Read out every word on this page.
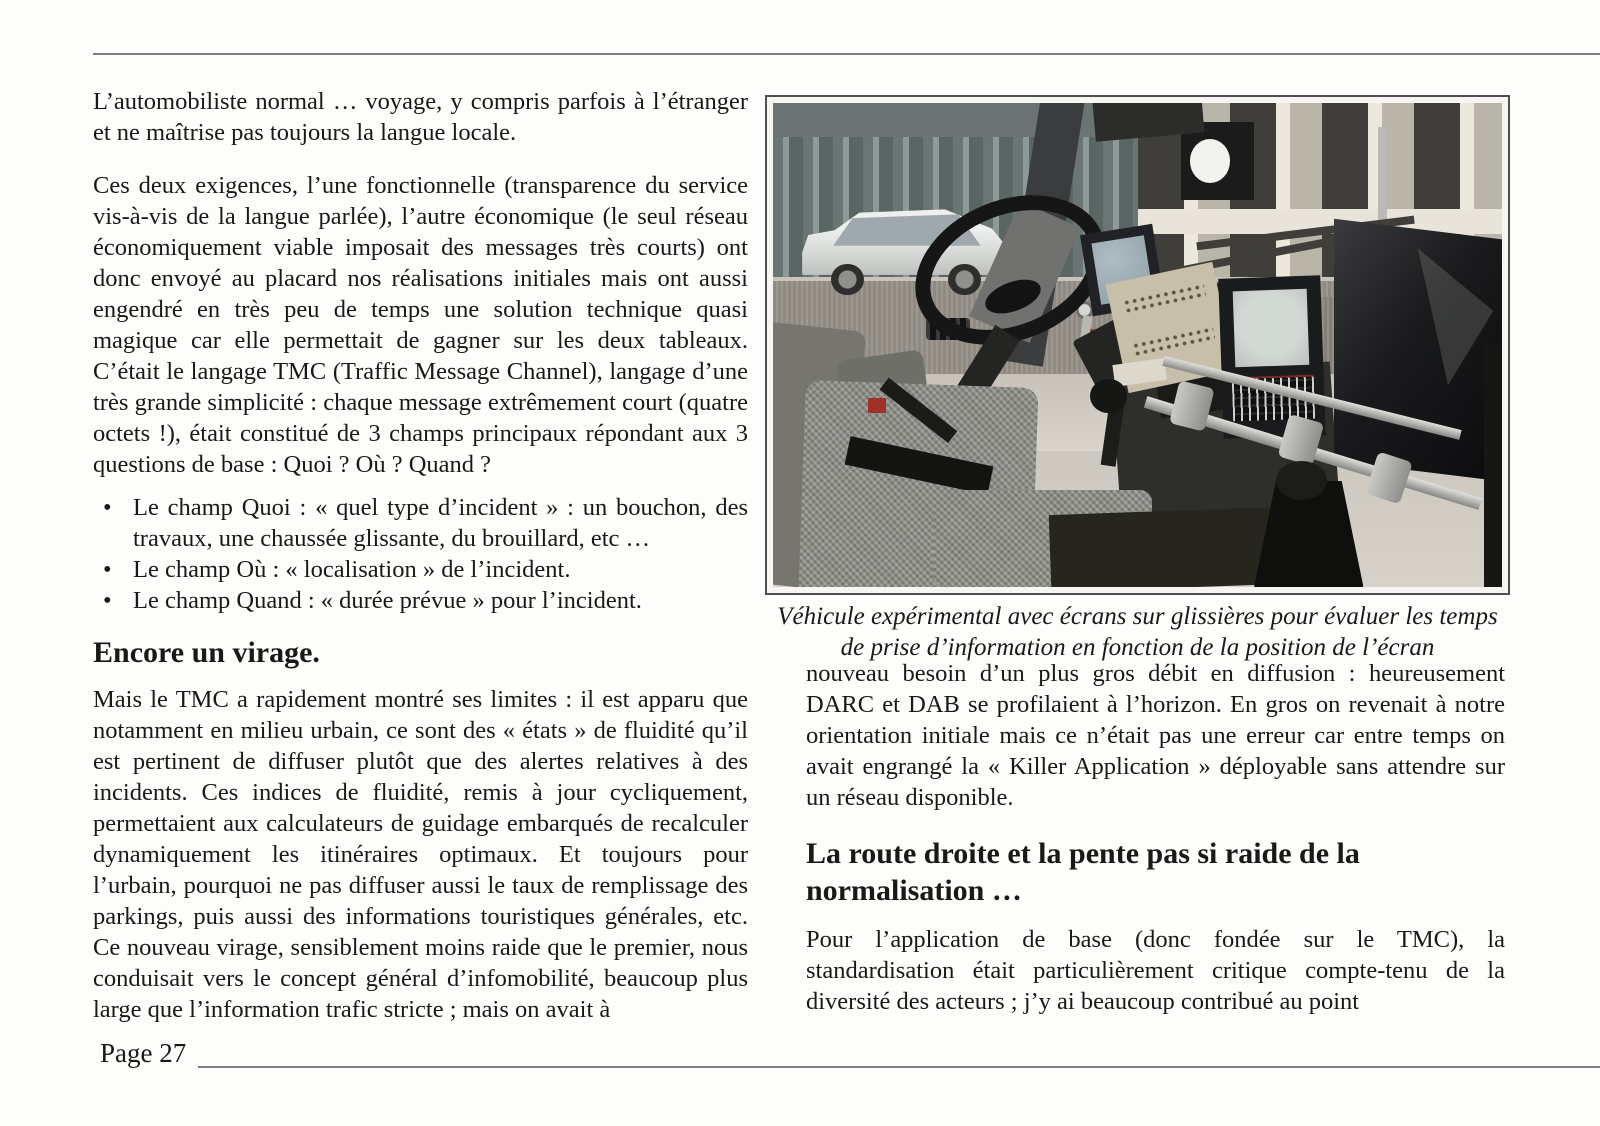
L’automobiliste normal … voyage, y compris parfois à l’étranger et ne maîtrise pas toujours la langue locale.

Ces deux exigences, l’une fonctionnelle (transparence du service vis-à-vis de la langue parlée), l’autre économique (le seul réseau économiquement viable imposait des messages très courts) ont donc envoyé au placard nos réalisations initiales mais ont aussi engendré en très peu de temps une solution technique quasi magique car elle permettait de gagner sur les deux tableaux. C’était le langage TMC (Traffic Message Channel), langage d’une très grande simplicité : chaque message extrêmement court (quatre octets !), était constitué de 3 champs principaux répondant aux 3 questions de base : Quoi ? Où ? Quand ?

• Le champ Quoi : « quel type d’incident » : un bouchon, des travaux, une chaussée glissante, du brouillard, etc …
• Le champ Où : « localisation » de l’incident.
• Le champ Quand : « durée prévue » pour l’incident.
Encore un virage.

Mais le TMC a rapidement montré ses limites : il est apparu que notamment en milieu urbain, ce sont des « états » de fluidité qu’il est pertinent de diffuser plutôt que des alertes relatives à des incidents. Ces indices de fluidité, remis à jour cycliquement, permettaient aux calculateurs de guidage embarqués de recalculer dynamiquement les itinéraires optimaux. Et toujours pour l’urbain, pourquoi ne pas diffuser aussi le taux de remplissage des parkings, puis aussi des informations touristiques générales, etc. Ce nouveau virage, sensiblement moins raide que le premier, nous conduisait vers le concept général d’infomobilité, beaucoup plus large que l’information trafic stricte ; mais on avait à

Véhicule expérimental avec écrans sur glissières pour évaluer les temps de prise d’information en fonction de la position de l’écran

nouveau besoin d’un plus gros débit en diffusion : heureusement DARC et DAB se profilaient à l’horizon. En gros on revenait à notre orientation initiale mais ce n’était pas une erreur car entre temps on avait engrangé la « Killer Application » déployable sans attendre sur un réseau disponible.

La route droite et la pente pas si raide de la normalisation …

Pour l’application de base (donc fondée sur le TMC), la standardisation était particulièrement critique compte-tenu de la diversité des acteurs ; j’y ai beaucoup contribué au point

Page 27
